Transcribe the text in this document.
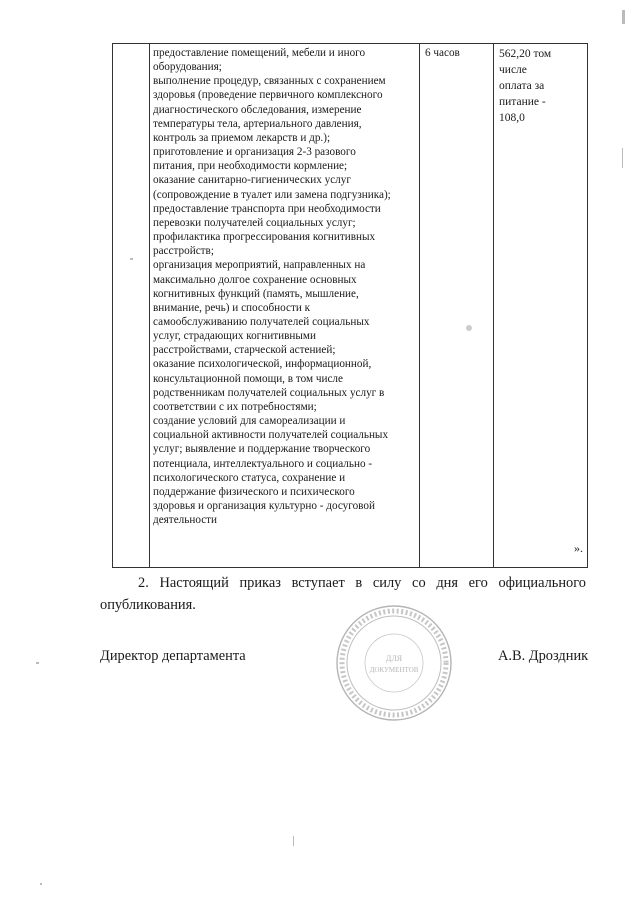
предоставление помещений, мебели и иного
оборудования;
выполнение процедур, связанных с сохранением
здоровья (проведение первичного комплексного
диагностического обследования, измерение
температуры тела, артериального давления,
контроль за приемом лекарств и др.);
приготовление и организация 2-3 разового
питания, при необходимости кормление;
оказание санитарно-гигиенических услуг
(сопровождение в туалет или замена подгузника);
предоставление транспорта при необходимости
перевозки получателей социальных услуг;
профилактика прогрессирования когнитивных
расстройств;
организация мероприятий, направленных на
максимально долгое сохранение основных
когнитивных функций (память, мышление,
внимание, речь) и способности к
самообслуживанию получателей социальных
услуг, страдающих когнитивными
расстройствами, старческой астенией;
оказание психологической, информационной,
консультационной помощи, в том числе
родственникам получателей социальных услуг в
соответствии с их потребностями;
создание условий для самореализации и
социальной активности получателей социальных
услуг; выявление и поддержание творческого
потенциала, интеллектуального и социально -
психологического статуса, сохранение и
поддержание физического и психического
здоровья и организация культурно - досуговой
деятельности

6 часов	562,20 том
числе
оплата за
питание -
108,0
».

2. Настоящий приказ вступает в силу со дня его официального
опубликования.

Директор департамента	А.В. Дроздник
ДЛЯ
ДОКУМЕНТОВ
